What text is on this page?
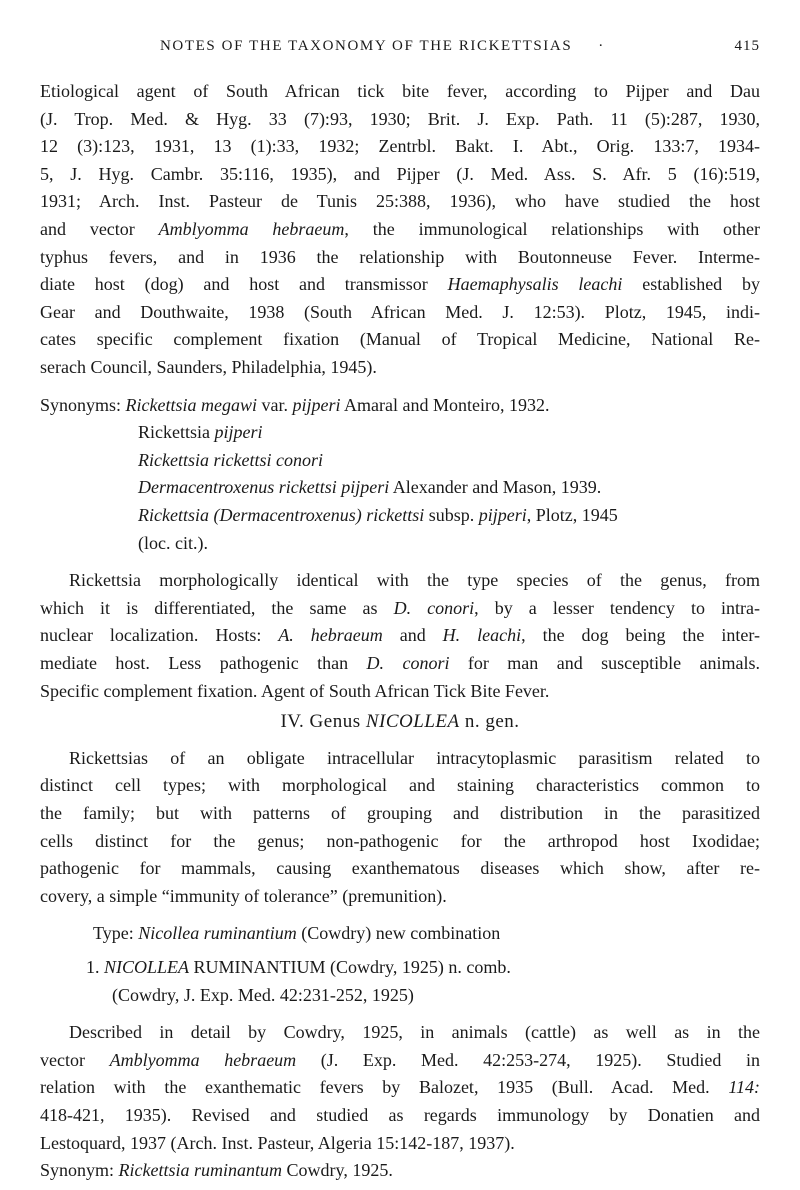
NOTES OF THE TAXONOMY OF THE RICKETTSIAS ·	415
Etiological agent of South African tick bite fever, according to Pijper and Dau
(J. Trop. Med. & Hyg. 33 (7):93, 1930; Brit. J. Exp. Path. 11 (5):287, 1930,
12 (3):123, 1931, 13 (1):33, 1932; Zentrbl. Bakt. I. Abt., Orig. 133:7, 1934-
5, J. Hyg. Cambr. 35:116, 1935), and Pijper (J. Med. Ass. S. Afr. 5 (16):519,
1931; Arch. Inst. Pasteur de Tunis 25:388, 1936), who have studied the host
and vector Amblyomma hebraeum, the immunological relationships with other
typhus fevers, and in 1936 the relationship with Boutonneuse Fever. Interme-
diate host (dog) and host and transmissor Haemaphysalis leachi established by
Gear and Douthwaite, 1938 (South African Med. J. 12:53). Plotz, 1945, indi-
cates specific complement fixation (Manual of Tropical Medicine, National Re-
serach Council, Saunders, Philadelphia, 1945).
Synonyms: Rickettsia megawi var. pijperi Amaral and Monteiro, 1932.
Rickettsia pijperi
Rickettsia rickettsi conori
Dermacentroxenus rickettsi pijperi Alexander and Mason, 1939.
Rickettsia (Dermacentroxenus) rickettsi subsp. pijperi, Plotz, 1945
(loc. cit.).
Rickettsia morphologically identical with the type species of the genus, from
which it is differentiated, the same as D. conori, by a lesser tendency to intra-
nuclear localization. Hosts: A. hebraeum and H. leachi, the dog being the inter-
mediate host. Less pathogenic than D. conori for man and susceptible animals.
Specific complement fixation. Agent of South African Tick Bite Fever.
IV. Genus NICOLLEA n. gen.
Rickettsias of an obligate intracellular intracytoplasmic parasitism related to
distinct cell types; with morphological and staining characteristics common to
the family; but with patterns of grouping and distribution in the parasitized
cells distinct for the genus; non-pathogenic for the arthropod host Ixodidae;
pathogenic for mammals, causing exanthematous diseases which show, after re-
covery, a simple “immunity of tolerance” (premunition).
Type: Nicollea ruminantium (Cowdry) new combination
1. NICOLLEA RUMINANTIUM (Cowdry, 1925) n. comb.
(Cowdry, J. Exp. Med. 42:231-252, 1925)
Described in detail by Cowdry, 1925, in animals (cattle) as well as in the
vector Amblyomma hebraeum (J. Exp. Med. 42:253-274, 1925). Studied in
relation with the exanthematic fevers by Balozet, 1935 (Bull. Acad. Med. 114:
418-421, 1935). Revised and studied as regards immunology by Donatien and
Lestoquard, 1937 (Arch. Inst. Pasteur, Algeria 15:142-187, 1937).
Synonym: Rickettsia ruminantum Cowdry, 1925.
